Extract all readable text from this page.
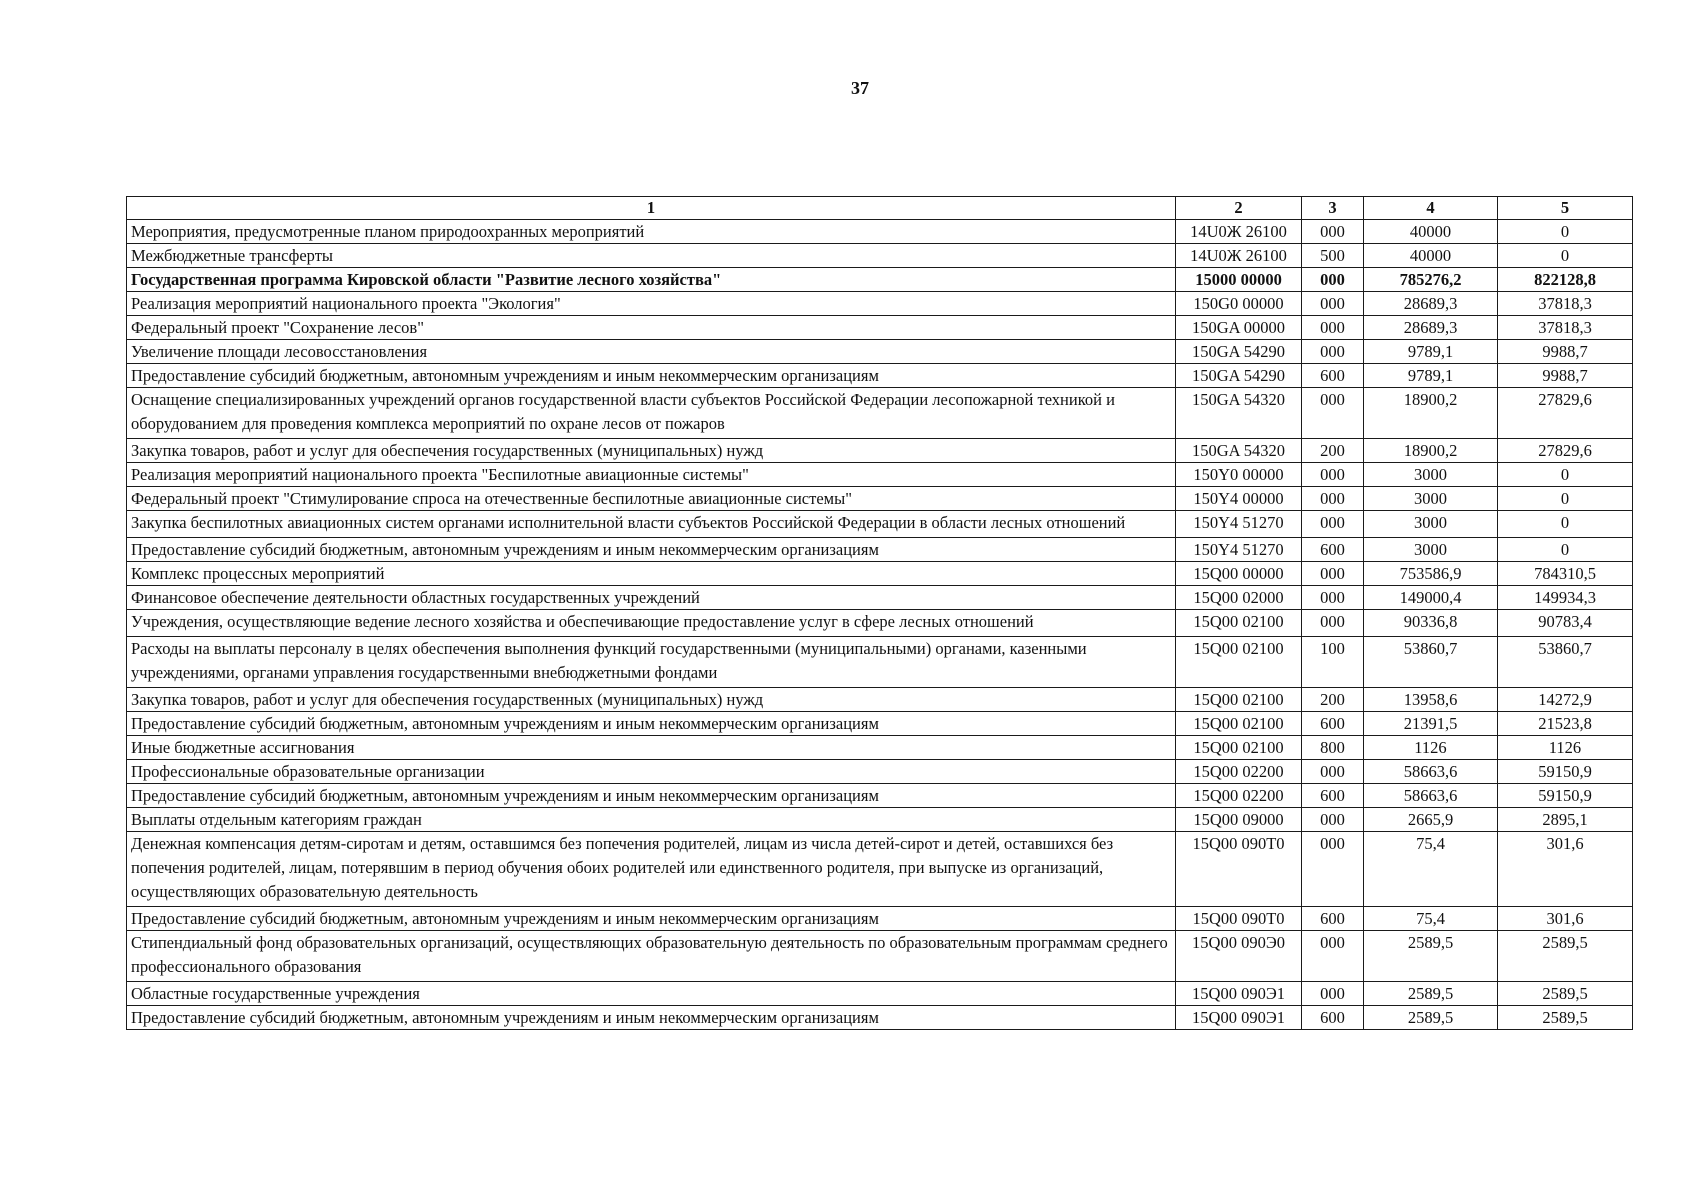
37
1	2	3	4	5
Мероприятия, предусмотренные планом природоохранных мероприятий	14U0Ж 26100	000	40000	0
Межбюджетные трансферты	14U0Ж 26100	500	40000	0
Государственная программа Кировской области "Развитие лесного хозяйства"	15000 00000	000	785276,2	822128,8
Реализация мероприятий национального проекта "Экология"	150G0 00000	000	28689,3	37818,3
Федеральный проект "Сохранение лесов"	150GA 00000	000	28689,3	37818,3
Увеличение площади лесовосстановления	150GA 54290	000	9789,1	9988,7
Предоставление субсидий бюджетным, автономным учреждениям и иным некоммерческим организациям	150GA 54290	600	9789,1	9988,7
Оснащение специализированных учреждений органов государственной власти субъектов Российской Федерации лесопожарной техникой и оборудованием для проведения комплекса мероприятий по охране лесов от пожаров	150GA 54320	000	18900,2	27829,6
Закупка товаров, работ и услуг для обеспечения государственных (муниципальных) нужд	150GA 54320	200	18900,2	27829,6
Реализация мероприятий национального проекта "Беспилотные авиационные системы"	150Y0 00000	000	3000	0
Федеральный проект "Стимулирование спроса на отечественные беспилотные авиационные системы"	150Y4 00000	000	3000	0
Закупка беспилотных авиационных систем органами исполнительной власти субъектов Российской Федерации в области лесных отношений	150Y4 51270	000	3000	0
Предоставление субсидий бюджетным, автономным учреждениям и иным некоммерческим организациям	150Y4 51270	600	3000	0
Комплекс процессных мероприятий	15Q00 00000	000	753586,9	784310,5
Финансовое обеспечение деятельности областных государственных учреждений	15Q00 02000	000	149000,4	149934,3
Учреждения, осуществляющие ведение лесного хозяйства и обеспечивающие предоставление услуг в сфере лесных отношений	15Q00 02100	000	90336,8	90783,4
Расходы на выплаты персоналу в целях обеспечения выполнения функций государственными (муниципальными) органами, казенными учреждениями, органами управления государственными внебюджетными фондами	15Q00 02100	100	53860,7	53860,7
Закупка товаров, работ и услуг для обеспечения государственных (муниципальных) нужд	15Q00 02100	200	13958,6	14272,9
Предоставление субсидий бюджетным, автономным учреждениям и иным некоммерческим организациям	15Q00 02100	600	21391,5	21523,8
Иные бюджетные ассигнования	15Q00 02100	800	1126	1126
Профессиональные образовательные организации	15Q00 02200	000	58663,6	59150,9
Предоставление субсидий бюджетным, автономным учреждениям и иным некоммерческим организациям	15Q00 02200	600	58663,6	59150,9
Выплаты отдельным категориям граждан	15Q00 09000	000	2665,9	2895,1
Денежная компенсация детям-сиротам и детям, оставшимся без попечения родителей, лицам из числа детей-сирот и детей, оставшихся без попечения родителей, лицам, потерявшим в период обучения обоих родителей или единственного родителя, при выпуске из организаций, осуществляющих образовательную деятельность	15Q00 090Т0	000	75,4	301,6
Предоставление субсидий бюджетным, автономным учреждениям и иным некоммерческим организациям	15Q00 090Т0	600	75,4	301,6
Стипендиальный фонд образовательных организаций, осуществляющих образовательную деятельность по образовательным программам среднего профессионального образования	15Q00 090Э0	000	2589,5	2589,5
Областные государственные учреждения	15Q00 090Э1	000	2589,5	2589,5
Предоставление субсидий бюджетным, автономным учреждениям и иным некоммерческим организациям	15Q00 090Э1	600	2589,5	2589,5
